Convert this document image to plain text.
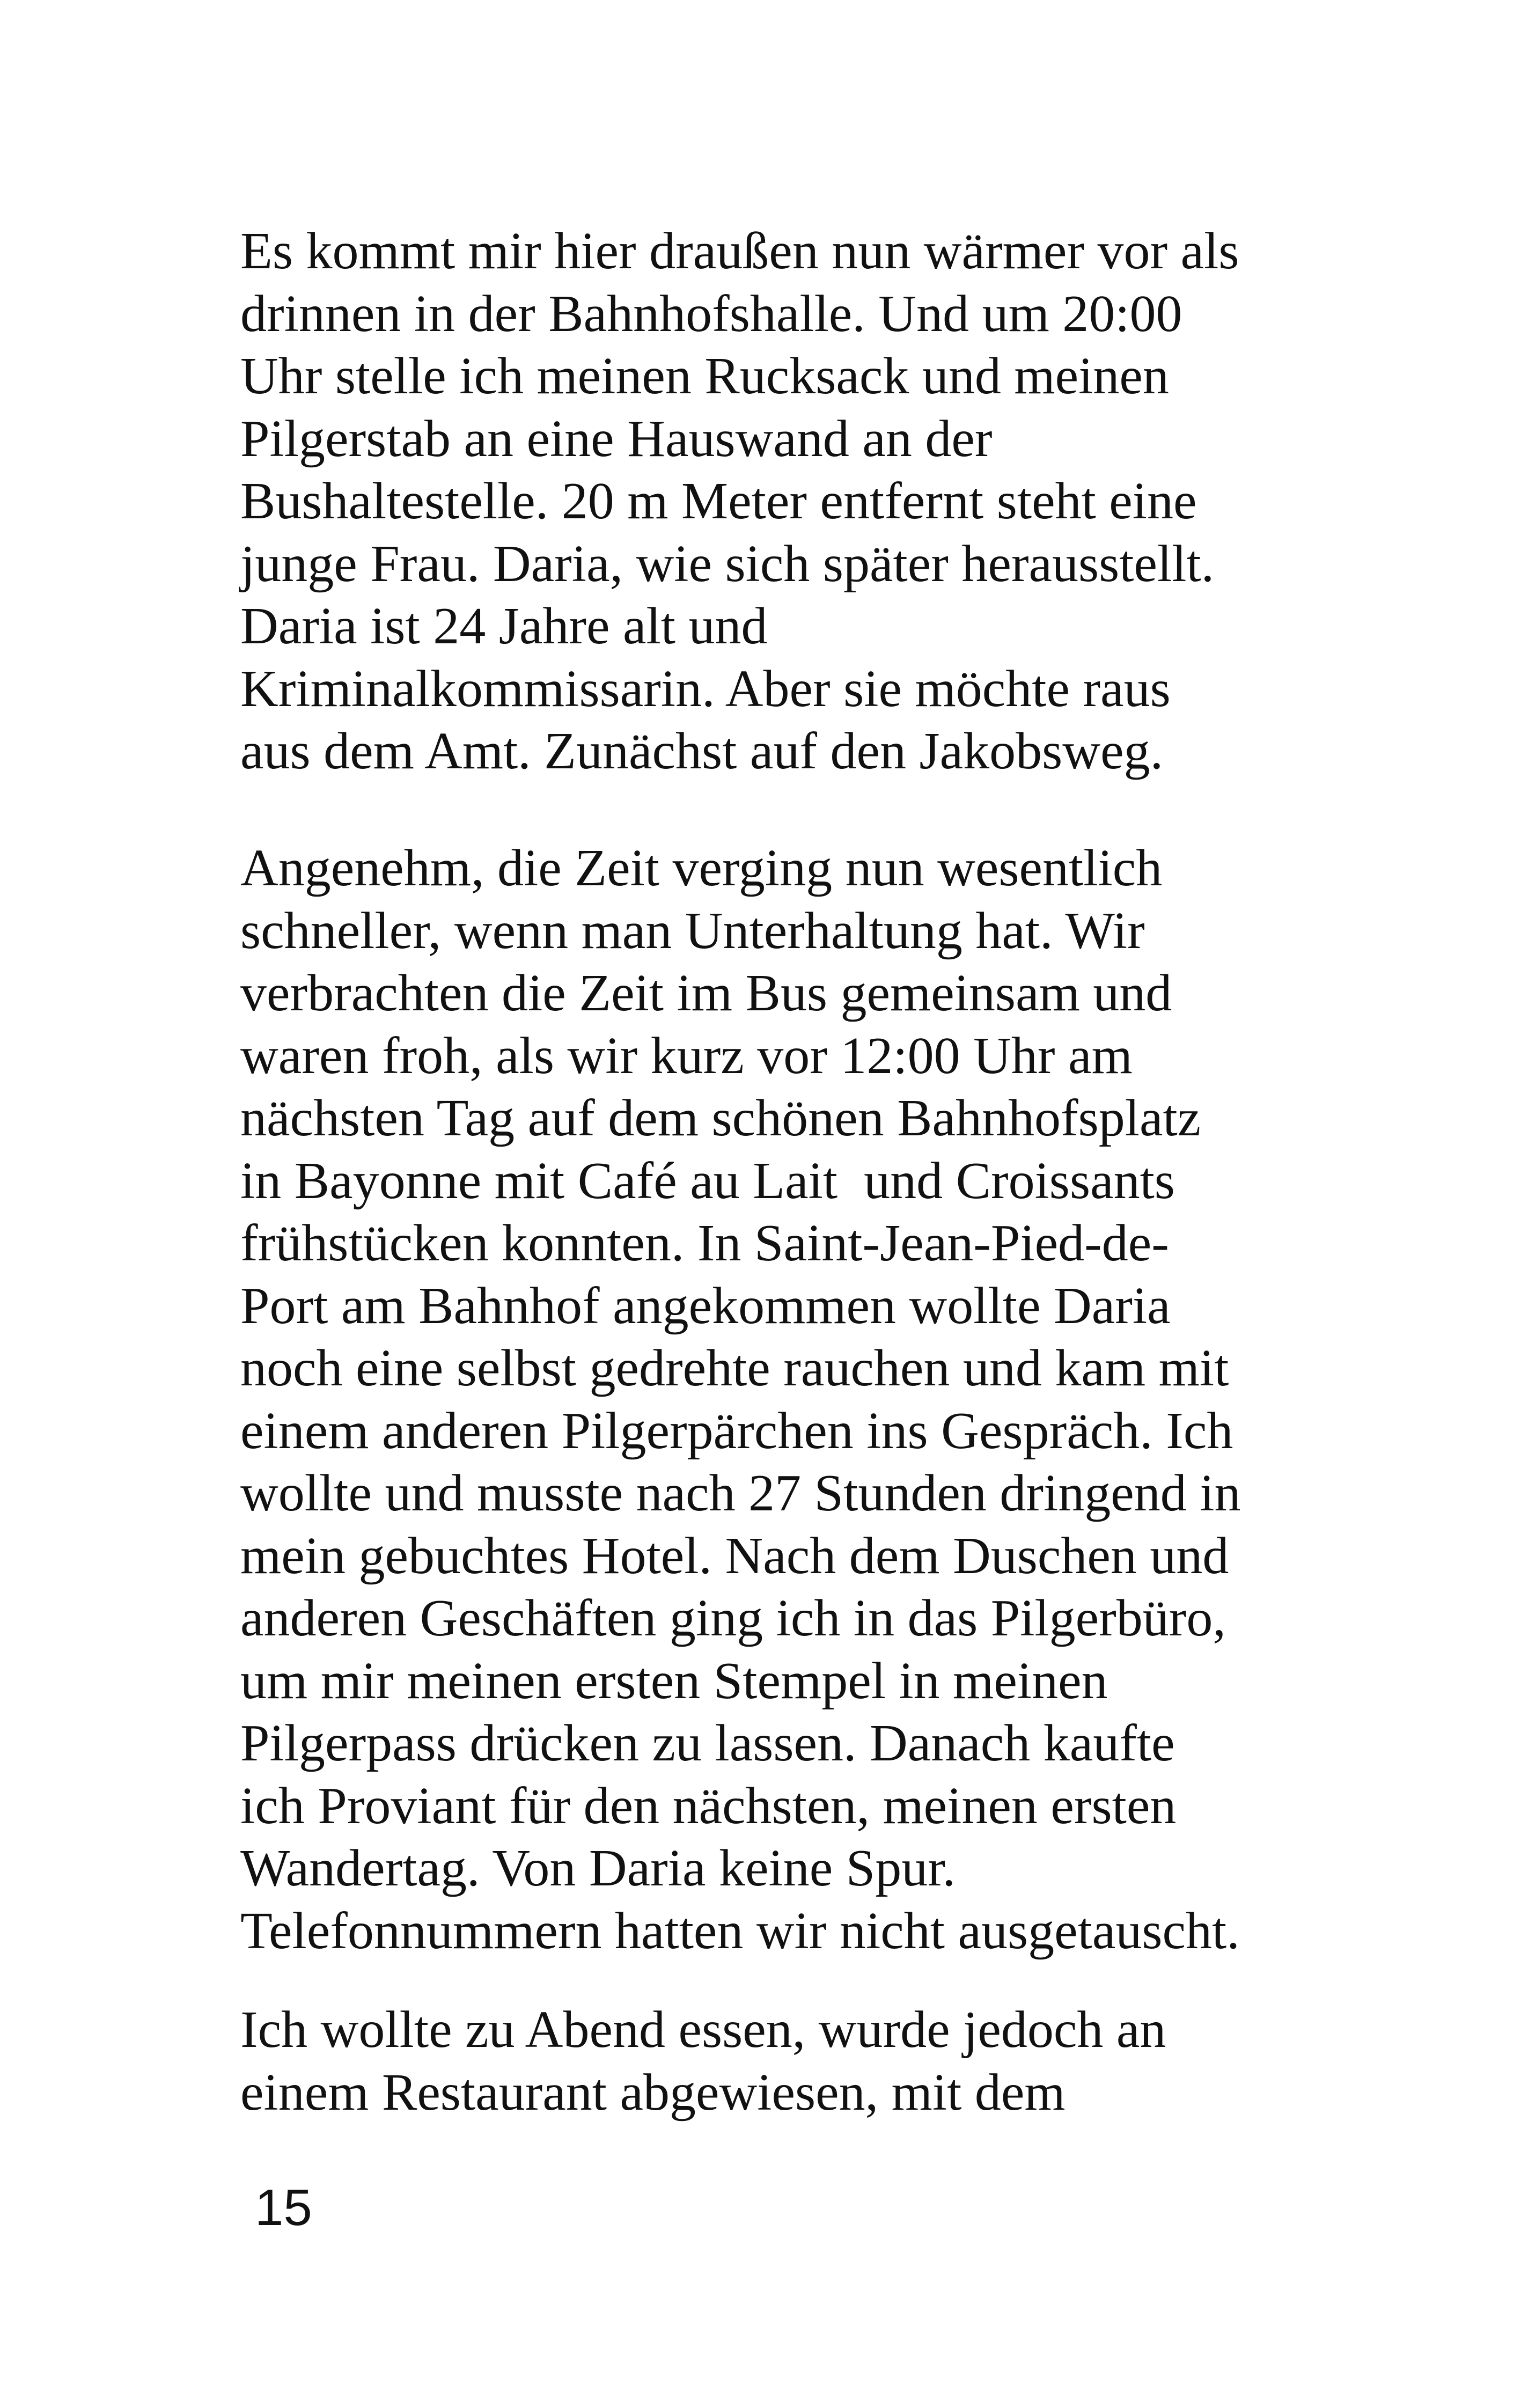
Es kommt mir hier draußen nun wärmer vor als
drinnen in der Bahnhofshalle. Und um 20:00
Uhr stelle ich meinen Rucksack und meinen
Pilgerstab an eine Hauswand an der
Bushaltestelle. 20 m Meter entfernt steht eine
junge Frau. Daria, wie sich später herausstellt.
Daria ist 24 Jahre alt und
Kriminalkommissarin. Aber sie möchte raus
aus dem Amt. Zunächst auf den Jakobsweg.
Angenehm, die Zeit verging nun wesentlich
schneller, wenn man Unterhaltung hat. Wir
verbrachten die Zeit im Bus gemeinsam und
waren froh, als wir kurz vor 12:00 Uhr am
nächsten Tag auf dem schönen Bahnhofsplatz
in Bayonne mit Café au Lait  und Croissants
frühstücken konnten. In Saint-Jean-Pied-de-
Port am Bahnhof angekommen wollte Daria
noch eine selbst gedrehte rauchen und kam mit
einem anderen Pilgerpärchen ins Gespräch. Ich
wollte und musste nach 27 Stunden dringend in
mein gebuchtes Hotel. Nach dem Duschen und
anderen Geschäften ging ich in das Pilgerbüro,
um mir meinen ersten Stempel in meinen
Pilgerpass drücken zu lassen. Danach kaufte
ich Proviant für den nächsten, meinen ersten
Wandertag. Von Daria keine Spur.
Telefonnummern hatten wir nicht ausgetauscht.
Ich wollte zu Abend essen, wurde jedoch an
einem Restaurant abgewiesen, mit dem
15
